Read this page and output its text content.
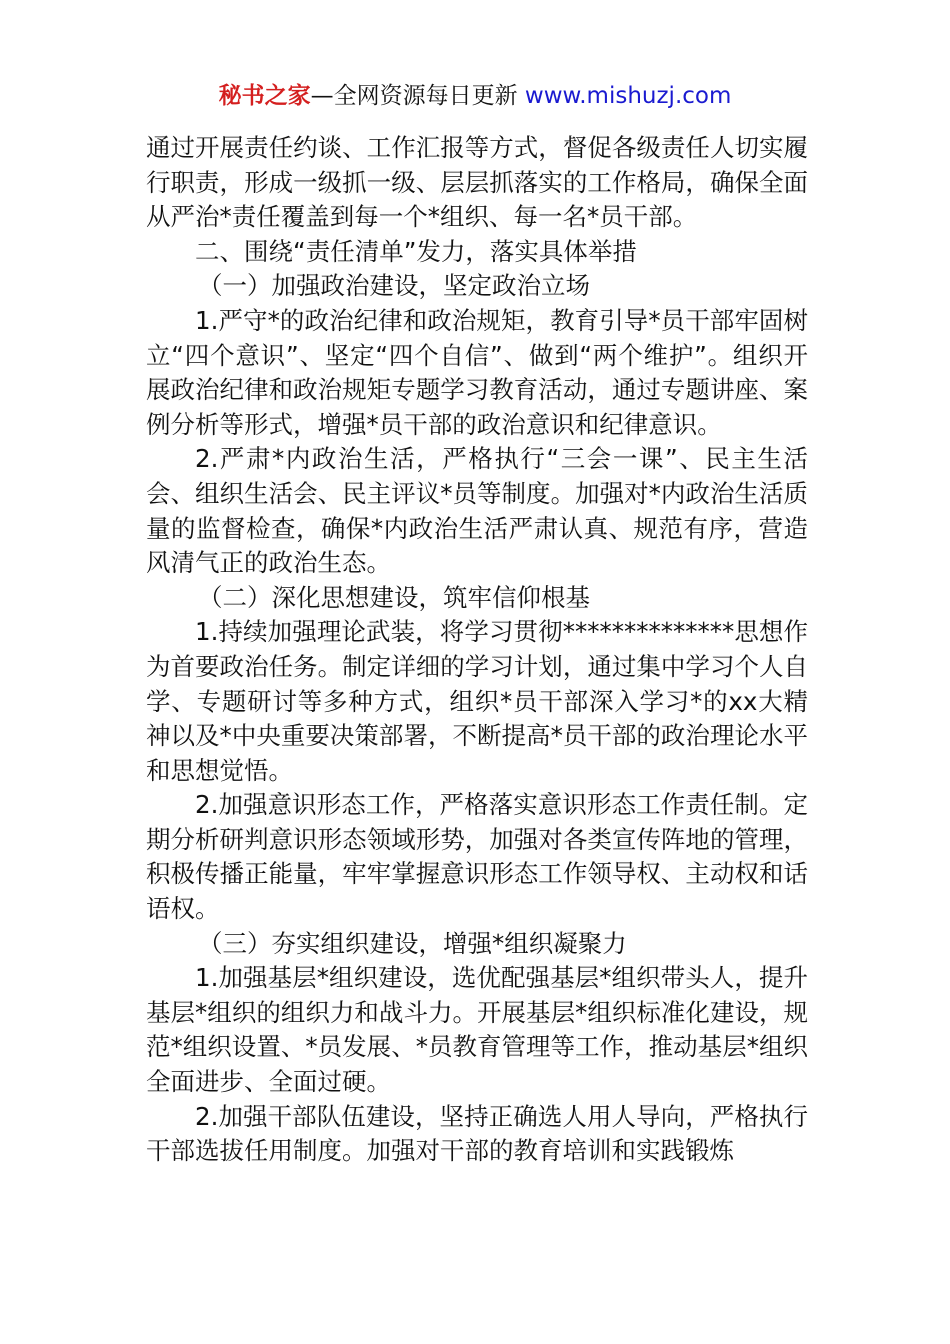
秘书之家—全网资源每日更新 www.mishuzj.com

通过开展责任约谈、工作汇报等方式，督促各级责任人切实履行职责，形成一级抓一级、层层抓落实的工作格局，确保全面从严治*责任覆盖到每一个*组织、每一名*员干部。

二、围绕“责任清单”发力，落实具体举措

（一）加强政治建设，坚定政治立场

1.严守*的政治纪律和政治规矩，教育引导*员干部牢固树立“四个意识”、坚定“四个自信”、做到“两个维护”。组织开展政治纪律和政治规矩专题学习教育活动，通过专题讲座、案例分析等形式，增强*员干部的政治意识和纪律意识。

2.严肃*内政治生活，严格执行“三会一课”、民主生活会、组织生活会、民主评议*员等制度。加强对*内政治生活质量的监督检查，确保*内政治生活严肃认真、规范有序，营造风清气正的政治生态。

（二）深化思想建设，筑牢信仰根基

1.持续加强理论武装，将学习贯彻**************思想作为首要政治任务。制定详细的学习计划，通过集中学习个人自学、专题研讨等多种方式，组织*员干部深入学习*的xx大精神以及*中央重要决策部署，不断提高*员干部的政治理论水平和思想觉悟。

2.加强意识形态工作，严格落实意识形态工作责任制。定期分析研判意识形态领域形势，加强对各类宣传阵地的管理，积极传播正能量，牢牢掌握意识形态工作领导权、主动权和话语权。

（三）夯实组织建设，增强*组织凝聚力

1.加强基层*组织建设，选优配强基层*组织带头人，提升基层*组织的组织力和战斗力。开展基层*组织标准化建设，规范*组织设置、*员发展、*员教育管理等工作，推动基层*组织全面进步、全面过硬。

2.加强干部队伍建设，坚持正确选人用人导向，严格执行干部选拔任用制度。加强对干部的教育培训和实践锻炼
